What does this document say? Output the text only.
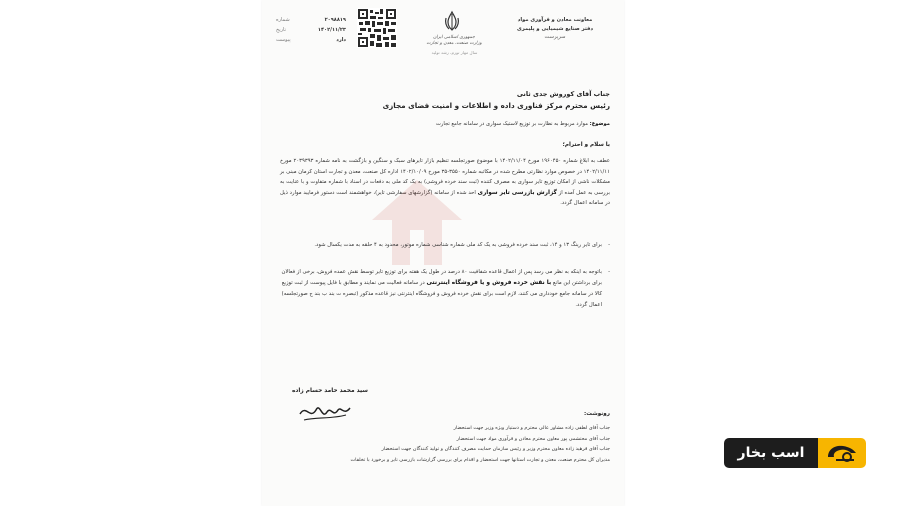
معاونت معادن و فرآوری مواد
دفتر صنایع شیمیایی و پلیمری
سرپرست
جمهوری اسلامی ایران
وزارت صنعت، معدن و تجارت
سال مهار تورم، رشد تولید
۲۰۹۸۸۱۹
شماره
۱۴۰۲/۱۱/۲۳
تاریخ
دارد
پیوست
جناب آقای کوروش جدی ثانی
رئیس محترم مرکز فناوری داده و اطلاعات و امنیت فضای مجازی
موضوع: موارد مربوط به نظارت بر توزیع لاستیک سواری در سامانه جامع تجارت
با سلام و احترام؛
عطف به ابلاغ شماره ۱۹۶۰۴۵۰ مورخ ۱۴۰۲/۱۱/۰۴ با موضوع صورتجلسه تنظیم بازار تایرهای سبک و سنگین و بازگشت به نامه شماره ۲۰۳۹۳۹۳ مورخ ۱۴۰۲/۱۱/۱۱ در خصوص موارد نظارتی مطرح شده در مکاتبه شماره ۳۵۵۰-۳۵ مورخ ۱۴۰۲/۱۰/۰۹ اداره کل صنعت، معدن و تجارت استان کرمان مبنی بر مشکلات ناشی از امکان توزیع تایر سواری به مصرف کننده (ثبت سند خرده فروشی) به یک کد ملی به دفعات در اسناد با شماره متفاوت و با عنایت به بررسی به عمل آمده از گزارش بازرسی تایر سواری احد شده از سامانه (گزارشهای سفارشی تایر)، خواهشمند است دستور فرمایید موارد ذیل در سامانه اعمال گردد.
- برای تایر رینگ ۱۳ و ۱۴، ثبت سند خرده فروشی به یک کد ملی شماره شناسی شماره موتور، محدود به ۴ حلقه به مدت یکسال شود.
- باتوجه به اینکه به نظر می رسد پس از اعمال قاعده شفافیت ۸۰ درصد در طول یک هفته برای توزیع تایر توسط نقش عمده فروش، برخی از فعالان برای برداشتن این مانع با نقش خرده فروش و یا فروشگاه اینترنتی در سامانه فعالیت می نمایند و مطابق با فایل پیوست از ثبت توزیع کالا در سامانه جامع خودداری می کنند، لازم است برای نقش خرده فروش و فروشگاه اینترنتی نیز قاعده مذکور (تبصره ت بند ب بند ج صورتجلسه) اعمال گردد.
سید محمد حامد حسام زاده
رونوشت:
جناب آقای لطفی زاده مشاور عالی محترم و دستیار ویژه وزیر جهت استحضار
جناب آقای محتشمی پور معاون محترم معادن و فرآوری مواد جهت استحضار
جناب آقای فرهید زاده معاون محترم وزیر و رئیس سازمان حمایت مصرف کنندگان و تولید کنندگان جهت استحضار
مدیران کل محترم صنعت، معدن و تجارت استانها جهت استحضار و اقدام برای بررسی گزارشات بازرسی تایر و برخورد با تخلفات	اسب بخار
